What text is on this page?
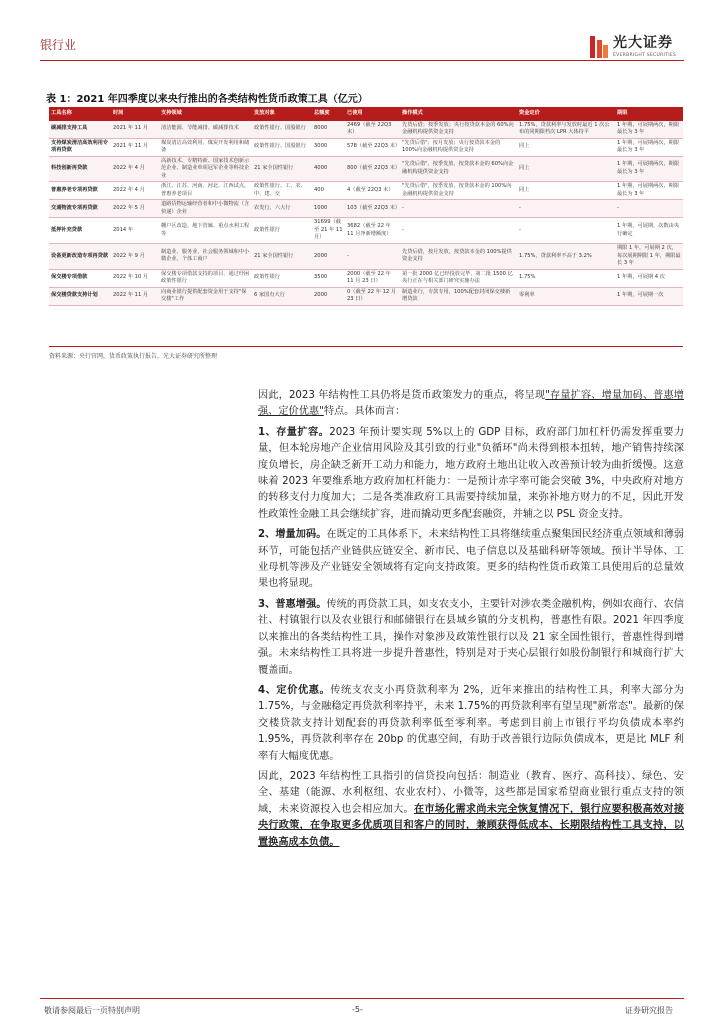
银行业	光大证券
EVERBRIGHT SECURITIES
表 1：2021 年四季度以来央行推出的各类结构性货币政策工具（亿元）
工具名称	时间	支持领域	发放对象	总额度	已使用	操作模式	资金定价	期限
碳减排支持工具	2021 年 11 月	清洁能源、节能减排、碳减排技术	政策性银行、国股银行	8000	2469（截至 22Q3 末）	先贷后借；按季发放；央行按贷款本金的 60%向金融机构提供资金支持	1.75%，贷款利率与发放时最近 1 次公布的同期限档次 LPR 大体持平	1 年期，可展期两次，期限最长为 3 年
支持煤炭清洁高效利用专项再贷款	2021 年 11 月	煤炭清洁高效利用、煤炭开发利用和储备	政策性银行、国股银行	3000	578（截至 22Q3 末）	"先贷后借"；按月发放；央行按贷款本金的 100%向金融机构提供资金支持	同上	1 年期，可展期两次，期限最长为 3 年
科技创新再贷款	2022 年 4 月	高新技术、专精特新、国家技术创新示范企业、制造业单项冠军企业等科技企业	21 家全国性银行	4000	800（截至 22Q3 末）	"先贷后借"，按季发放，按贷款本金的 60%向金融机构提供资金支持	同上	1 年期，可展期两次，期限最长为 3 年
普惠养老专项再贷款	2022 年 4 月	浙江、江苏、河南、河北、江西试点，普惠养老项目	政策性银行、工、农、中、建、交	400	4（截至 22Q3 末）	"先贷后借"，按季发放，按贷款本金的 100%向金融机构提供资金支持	同上	1 年期，可展期两次，期限最长为 3 年
交通物流专项再贷款	2022 年 5 月	道路货物运输经营者和中小微物流（含快递）企业	农发行、六大行	1000	103（截至 22Q3 末）	-	-	-
抵押补充贷款	2014 年	棚户区改造、地下管廊、重点水利工程等	政策性银行	31699（截至 21 年 11 月）	3682（截至 22 年 11 月净新增额度）	-	-	1 年期，可展期，次数由央行确定
设备更新改造专项再贷款	2022 年 9 月	制造业、服务业、社会服务领域和中小微企业、个体工商户	21 家全国性银行	2000	-	先贷后借，按月发放，按贷款本金的 100%提供资金支持	1.75%，贷款利率不高于 3.2%	期限 1 年，可展期 2 次，每次展期期限 1 年，期限最长 3 年
保交楼专项借款	2022 年 10 月	保交楼专项借款支持的项目、通过纾困政策性银行	政策性银行	3500	2000（截至 22 年 11 月 23 日）	第一批 2000 亿已经投放完毕，第二批 1500 亿央行正在与相关部门研究实施办法	1.75%	1 年期，可展期 4 次
保交楼贷款支持计划	2022 年 11 月	向商业银行提供配套资金用于支持"保交楼"工作	6 家国有大行	2000	0（截至 22 年 12 月 23 日）	制造业行，专款专用，100%配套封闭保交楼新增贷款	零利率	1 年期，可展期一次
资料来源：央行官网，货币政策执行报告，光大证券研究所整理

因此，2023 年结构性工具仍将是货币政策发力的重点，将呈现"存量扩容、增量加码、普惠增强、定价优惠"特点。具体而言：

1、存量扩容。2023 年预计要实现 5%以上的 GDP 目标，政府部门加杠杆仍需发挥重要力量，但本轮房地产企业信用风险及其引致的行业"负循环"尚未得到根本扭转，地产销售持续深度负增长，房企缺乏新开工动力和能力，地方政府土地出让收入改善预计较为曲折缓慢。这意味着 2023 年要维系地方政府加杠杆能力：一是预计赤字率可能会突破 3%，中央政府对地方的转移支付力度加大；二是各类准政府工具需要持续加量，来弥补地方财力的不足，因此开发性政策性金融工具会继续扩容，进而撬动更多配套融资，并辅之以 PSL 资金支持。

2、增量加码。在既定的工具体系下，未来结构性工具将继续重点聚集国民经济重点领域和薄弱环节，可能包括产业链供应链安全、新市民、电子信息以及基础科研等领域。预计半导体、工业母机等涉及产业链安全领域将有定向支持政策。更多的结构性货币政策工具使用后的总量效果也将显现。

3、普惠增强。传统的再贷款工具，如支农支小，主要针对涉农类金融机构，例如农商行、农信社、村镇银行以及农业银行和邮储银行在县域乡镇的分支机构，普惠性有限。2021 年四季度以来推出的各类结构性工具，操作对象涉及政策性银行以及 21 家全国性银行，普惠性得到增强。未来结构性工具将进一步提升普惠性，特别是对于夹心层银行如股份制银行和城商行扩大覆盖面。

4、定价优惠。传统支农支小再贷款利率为 2%，近年来推出的结构性工具，利率大部分为 1.75%，与金融稳定再贷款利率持平，未来 1.75%的再贷款利率有望呈现"新常态"。最新的保交楼贷款支持计划配套的再贷款利率低至零利率。考虑到目前上市银行平均负债成本率约 1.95%，再贷款利率存在 20bp 的优惠空间，有助于改善银行边际负债成本，更是比 MLF 利率有大幅度优惠。

因此，2023 年结构性工具指引的信贷投向包括：制造业（教育、医疗、高科技）、绿色、安全、基建（能源、水利枢纽、农业农村）、小微等，这些都是国家希望商业银行重点支持的领域，未来资源投入也会相应加大。在市场化需求尚未完全恢复情况下，银行应要积极高效对接央行政策，在争取更多优质项目和客户的同时，兼顾获得低成本、长期限结构性工具支持，以置换高成本负债。

敬请参阅最后一页特别声明	-5-	证券研究报告
